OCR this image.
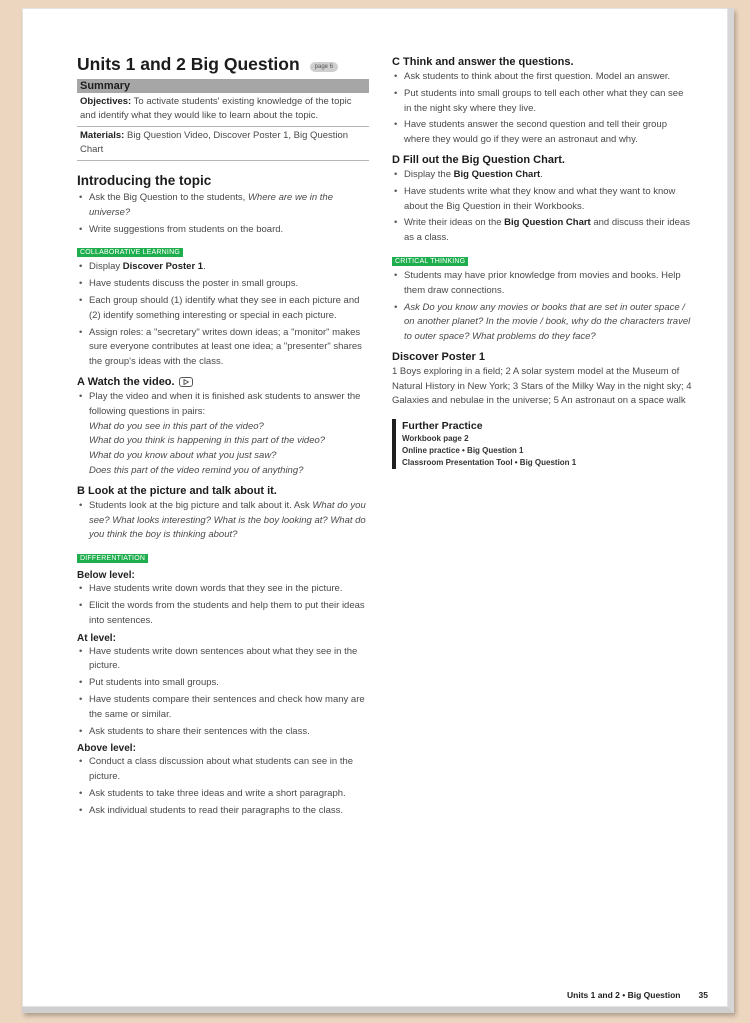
Units 1 and 2 Big Question	page 6
Summary
Objectives: To activate students' existing knowledge of the topic and identify what they would like to learn about the topic.
Materials: Big Question Video, Discover Poster 1, Big Question Chart
Introducing the topic
• Ask the Big Question to the students, Where are we in the universe?
• Write suggestions from students on the board.
COLLABORATIVE LEARNING
• Display Discover Poster 1.
• Have students discuss the poster in small groups.
• Each group should (1) identify what they see in each picture and (2) identify something interesting or special in each picture.
• Assign roles: a "secretary" writes down ideas; a "monitor" makes sure everyone contributes at least one idea; a "presenter" shares the group's ideas with the class.
A Watch the video.
• Play the video and when it is finished ask students to answer the following questions in pairs:
What do you see in this part of the video?
What do you think is happening in this part of the video?
What do you know about what you just saw?
Does this part of the video remind you of anything?
B Look at the picture and talk about it.
• Students look at the big picture and talk about it. Ask What do you see? What looks interesting? What is the boy looking at? What do you think the boy is thinking about?
DIFFERENTIATION
Below level:
• Have students write down words that they see in the picture.
• Elicit the words from the students and help them to put their ideas into sentences.
At level:
• Have students write down sentences about what they see in the picture.
• Put students into small groups.
• Have students compare their sentences and check how many are the same or similar.
• Ask students to share their sentences with the class.
Above level:
• Conduct a class discussion about what students can see in the picture.
• Ask students to take three ideas and write a short paragraph.
• Ask individual students to read their paragraphs to the class.
C Think and answer the questions.
• Ask students to think about the first question. Model an answer.
• Put students into small groups to tell each other what they can see in the night sky where they live.
• Have students answer the second question and tell their group where they would go if they were an astronaut and why.
D Fill out the Big Question Chart.
• Display the Big Question Chart.
• Have students write what they know and what they want to know about the Big Question in their Workbooks.
• Write their ideas on the Big Question Chart and discuss their ideas as a class.
CRITICAL THINKING
• Students may have prior knowledge from movies and books. Help them draw connections.
• Ask Do you know any movies or books that are set in outer space / on another planet? In the movie / book, why do the characters travel to outer space? What problems do they face?
Discover Poster 1
1 Boys exploring in a field; 2 A solar system model at the Museum of Natural History in New York; 3 Stars of the Milky Way in the night sky; 4 Galaxies and nebulae in the universe; 5 An astronaut on a space walk
Further Practice
Workbook page 2
Online practice • Big Question 1
Classroom Presentation Tool • Big Question 1
Units 1 and 2 • Big Question 35
